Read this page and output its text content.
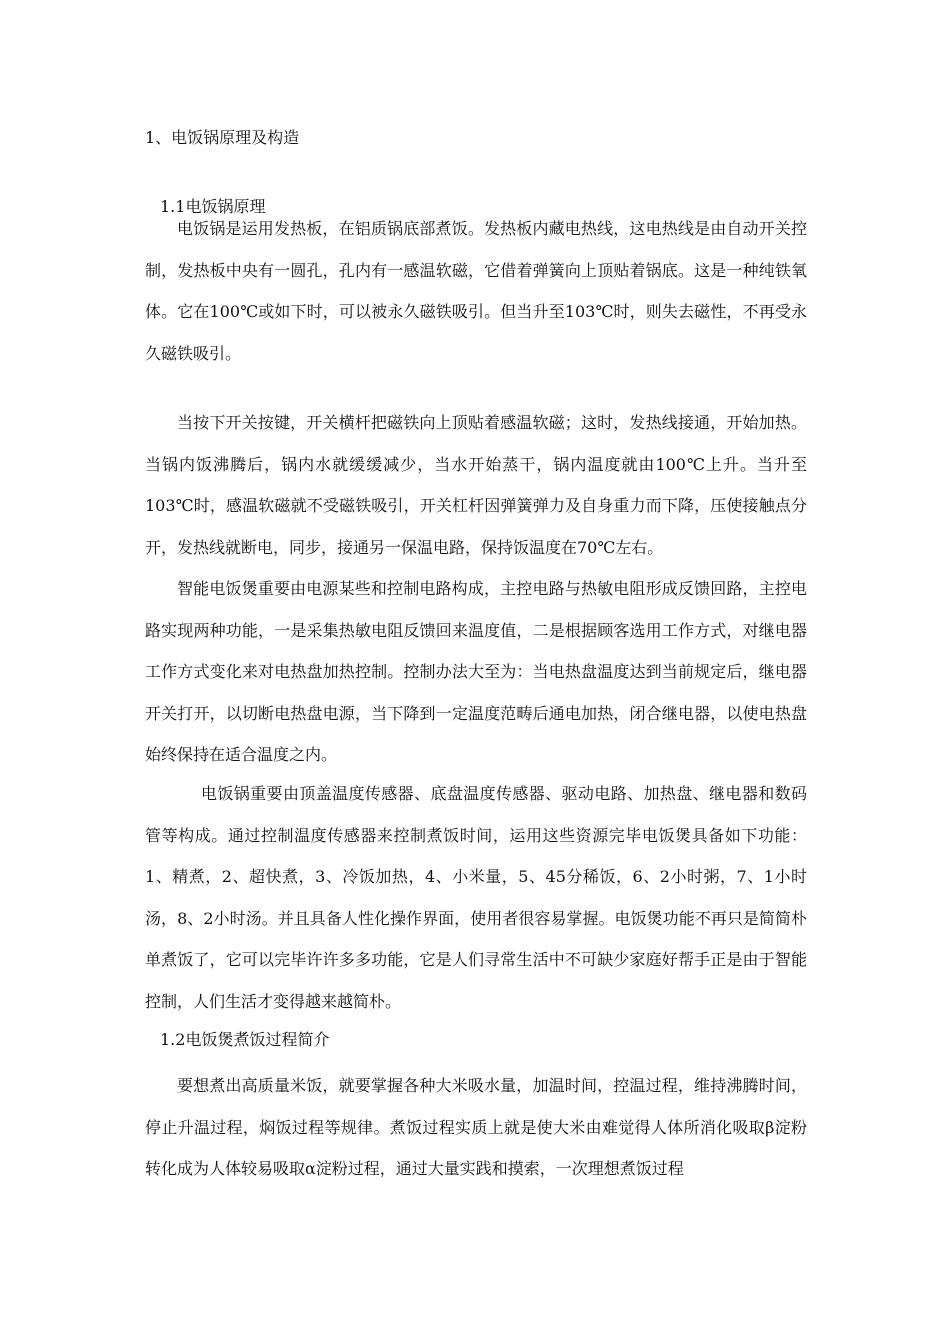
1、电饭锅原理及构造
1.1电饭锅原理

电饭锅是运用发热板，在铝质锅底部煮饭。发热板内藏电热线，这电热线是由自动开关控制，发热板中央有一圆孔，孔内有一感温软磁，它借着弹簧向上顶贴着锅底。这是一种纯铁氧体。它在100℃或如下时，可以被永久磁铁吸引。但当升至103℃时，则失去磁性，不再受永久磁铁吸引。

当按下开关按键，开关横杆把磁铁向上顶贴着感温软磁；这时，发热线接通，开始加热。当锅内饭沸腾后，锅内水就缓缓减少，当水开始蒸干，锅内温度就由100℃上升。当升至103℃时，感温软磁就不受磁铁吸引，开关杠杆因弹簧弹力及自身重力而下降，压使接触点分开，发热线就断电，同步，接通另一保温电路，保持饭温度在70℃左右。

智能电饭煲重要由电源某些和控制电路构成，主控电路与热敏电阻形成反馈回路，主控电路实现两种功能，一是采集热敏电阻反馈回来温度值，二是根据顾客选用工作方式，对继电器工作方式变化来对电热盘加热控制。控制办法大至为：当电热盘温度达到当前规定后，继电器开关打开，以切断电热盘电源，当下降到一定温度范畴后通电加热，闭合继电器，以使电热盘始终保持在适合温度之内。

电饭锅重要由顶盖温度传感器、底盘温度传感器、驱动电路、加热盘、继电器和数码管等构成。通过控制温度传感器来控制煮饭时间，运用这些资源完毕电饭煲具备如下功能：1、精煮，2、超快煮，3、冷饭加热，4、小米量，5、45分稀饭，6、2小时粥，7、1小时汤，8、2小时汤。并且具备人性化操作界面，使用者很容易掌握。电饭煲功能不再只是简简朴单煮饭了，它可以完毕许许多多功能，它是人们寻常生活中不可缺少家庭好帮手正是由于智能控制，人们生活才变得越来越简朴。

1.2电饭煲煮饭过程简介

要想煮出高质量米饭，就要掌握各种大米吸水量，加温时间，控温过程，维持沸腾时间，停止升温过程，焖饭过程等规律。煮饭过程实质上就是使大米由难觉得人体所消化吸取β淀粉转化成为人体较易吸取α淀粉过程，通过大量实践和摸索，一次理想煮饭过程
